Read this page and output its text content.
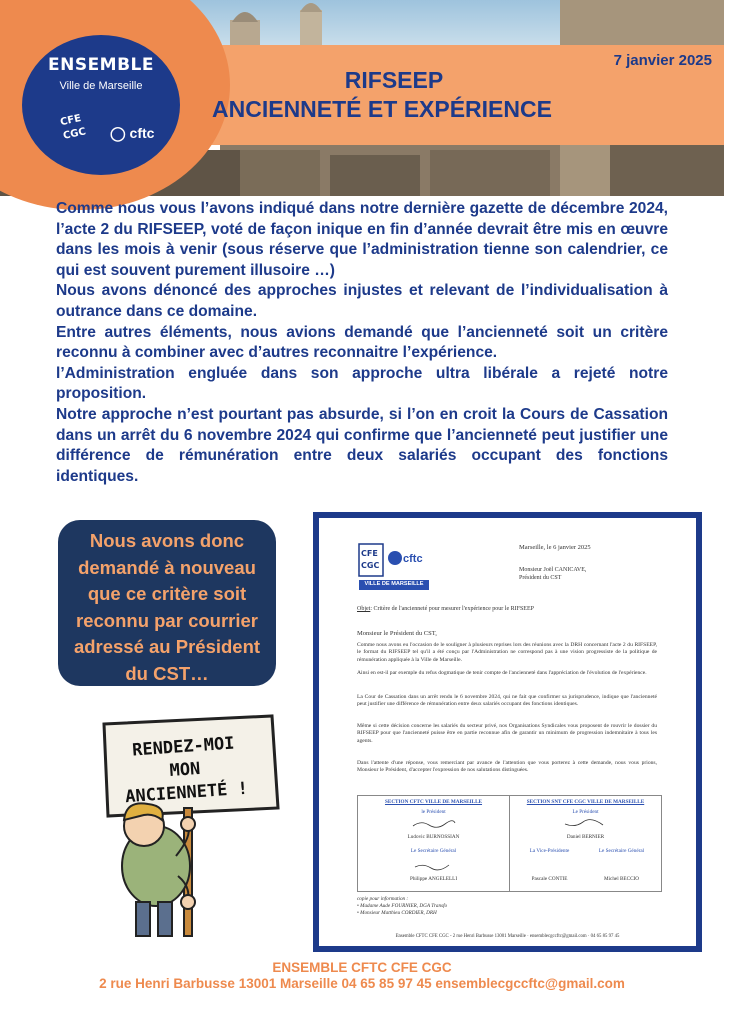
ENSEMBLE
Ville de Marseille
CFE
CGC ◯ cftc
7 janvier 2025
RIFSEEP
ANCIENNETÉ ET EXPÉRIENCE

Comme nous vous l’avons indiqué dans notre dernière gazette de décembre 2024, l’acte 2 du RIFSEEP, voté de façon inique en fin d’année devrait être mis en œuvre dans les mois à venir (sous réserve que l’administration tienne son calendrier, ce qui est souvent purement illusoire …)

Nous avons dénoncé des approches injustes et relevant de l’individualisation à outrance dans ce domaine.

Entre autres éléments, nous avions demandé que l’ancienneté soit un critère reconnu à combiner avec d’autres reconnaitre l’expérience.

l’Administration engluée dans son approche ultra libérale a rejeté notre proposition.

Notre approche n’est pourtant pas absurde, si l’on en croit la Cours de Cassation dans un arrêt du 6 novembre 2024 qui confirme que l’ancienneté peut justifier une différence de rémunération entre deux salariés occupant des fonctions identiques.

Nous avons donc demandé à nouveau que ce critère soit reconnu par courrier adressé au Président du CST…
RENDEZ-MOI
MON
ANCIENNETÉ !
CFE
CGC
cftc
VILLE DE MARSEILLE
Marseille, le 6 janvier 2025
Monsieur Joël CANICAVE,
Président du CST
Objet: Critère de l'ancienneté pour mesurer l'expérience pour le RIFSEEP
Monsieur le Président du CST,

Comme nous avons eu l'occasion de le souligner à plusieurs reprises lors des réunions avec la DRH concernant l'acte 2 du RIFSEEP, le format du RIFSEEP tel qu'il a été conçu par l'Administration ne correspond pas à une vision progressiste de la politique de rémunération appliquée à la Ville de Marseille.

Ainsi en est-il par exemple du refus dogmatique de tenir compte de l'ancienneté dans l'appréciation de l'évolution de l'expérience.

La Cour de Cassation dans un arrêt rendu le 6 novembre 2024, qui ne fait que confirmer sa jurisprudence, indique que l'ancienneté peut justifier une différence de rémunération entre deux salariés occupant des fonctions identiques.

Même si cette décision concerne les salariés du secteur privé, nos Organisations Syndicales vous proposent de rouvrir le dossier du RIFSEEP pour que l'ancienneté puisse être en partie reconnue afin de garantir un minimum de progression indemnitaire à tous les agents.

Dans l'attente d'une réponse, vous remerciant par avance de l'attention que vous porterez à cette demande, nous vous prions, Monsieur le Président, d'accepter l'expression de nos salutations distinguées.

SECTION CFTC VILLE DE MARSEILLE
le Président
Ludovic BURNOSSIAN
Le Secrétaire Général
Philippe ANGELELLI
SECTION SNT CFE CGC VILLE DE MARSEILLE
Le Président
Daniel BERNIER
La Vice-Présidente	Le Secrétaire Général
Pascale CONTIE	Michel BECCIO
copie pour information :
• Madame Aude FOURNIER, DGA Transfo
• Monsieur Matthieu CORDIER, DRH
Ensemble CFTC CFE CGC - 2 rue Henri Barbusse 13001 Marseille · ensemblecgccftc@gmail.com · 04 65 85 97 45
ENSEMBLE CFTC CFE CGC
2 rue Henri Barbusse 13001 Marseille 04 65 85 97 45 ensemblecgccftc@gmail.com
